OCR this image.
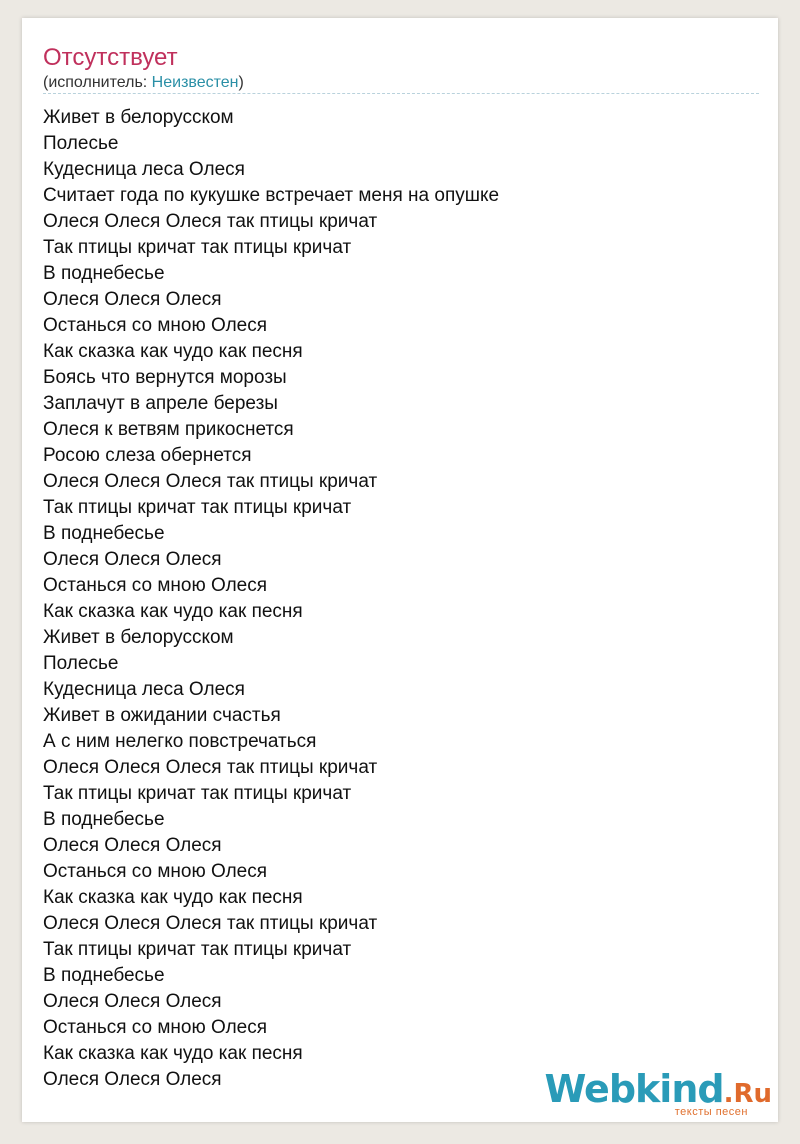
Отсутствует
(исполнитель: Неизвестен)
Живет в белорусском
Полесье
Кудесница леса Олеся
Считает года по кукушке встречает меня на опушке
Олеся Олеся Олеся так птицы кричат
Так птицы кричат так птицы кричат
В поднебесье
Олеся Олеся Олеся
Останься со мною Олеся
Как сказка как чудо как песня
Боясь что вернутся морозы
Заплачут в апреле березы
Олеся к ветвям прикоснется
Росою слеза обернется
Олеся Олеся Олеся так птицы кричат
Так птицы кричат так птицы кричат
В поднебесье
Олеся Олеся Олеся
Останься со мною Олеся
Как сказка как чудо как песня
Живет в белорусском
Полесье
Кудесница леса Олеся
Живет в ожидании счастья
А с ним нелегко повстречаться
Олеся Олеся Олеся так птицы кричат
Так птицы кричат так птицы кричат
В поднебесье
Олеся Олеся Олеся
Останься со мною Олеся
Как сказка как чудо как песня
Олеся Олеся Олеся так птицы кричат
Так птицы кричат так птицы кричат
В поднебесье
Олеся Олеся Олеся
Останься со мною Олеся
Как сказка как чудо как песня
Олеся Олеся Олеся	Webkind.Ru
тексты песен
